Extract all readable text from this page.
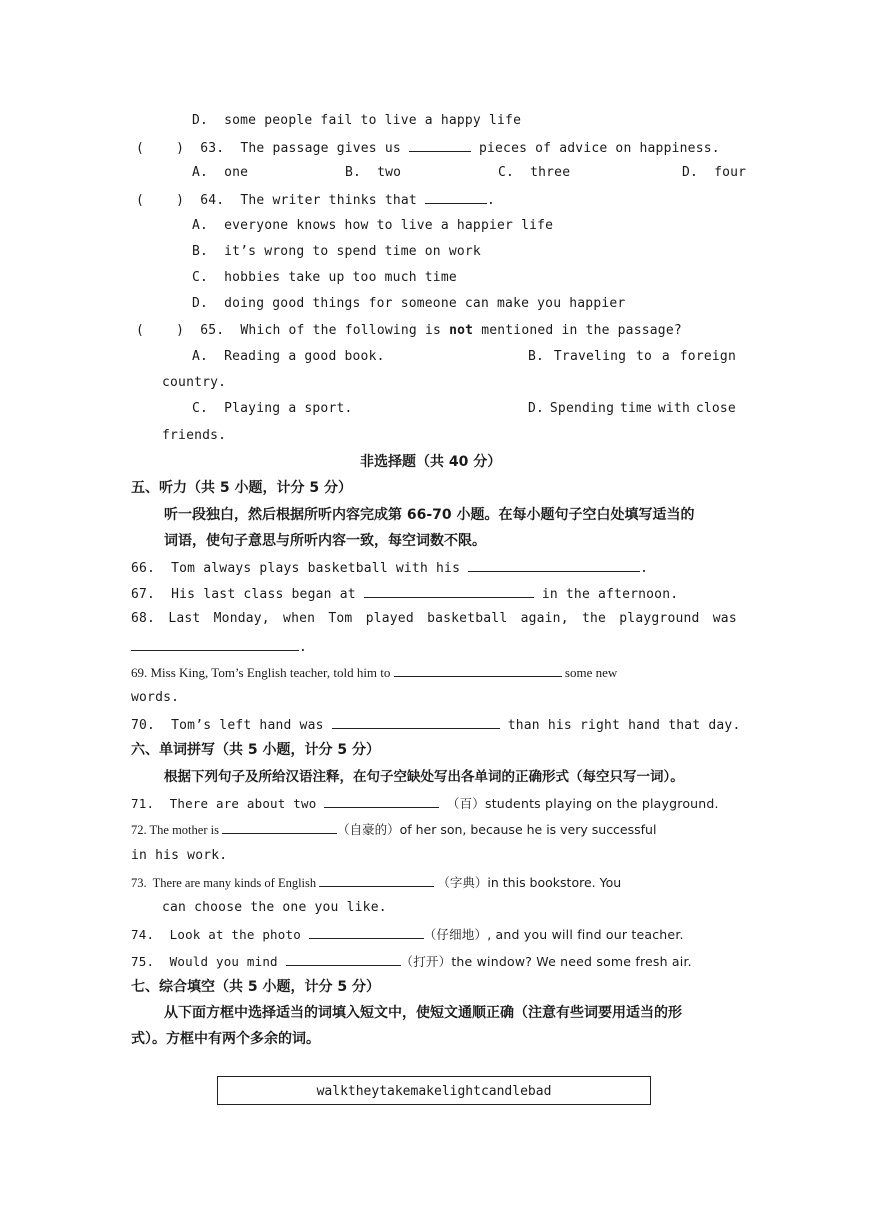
D.  some people fail to live a happy life
(    ) 63.  The passage gives us	pieces of advice on happiness.
A.  one	B.  two	C.  three	D.  four
(    ) 64.  The writer thinks that	.
A.  everyone knows how to live a happier life
B.  it’s wrong to spend time on work
C.  hobbies take up too much time
D.  doing good things for someone can make you happier
(    ) 65.  Which of the following is not mentioned in the passage?
A.  Reading a good book.	B. Traveling to a foreign
country.
C.  Playing a sport.	D. Spending time with close
friends.
非选择题（共 40 分）
五、听力（共 5 小题，计分 5 分）
听一段独白，然后根据所听内容完成第 66-70 小题。在每小题句子空白处填写适当的
词语，使句子意思与所听内容一致，每空词数不限。
66.  Tom always plays basketball with his	.
67.  His last class began at	in the afternoon.
68. Last Monday, when Tom played basketball again, the playground was
.
69. Miss King, Tom’s English teacher, told him to	some new
words.
70.  Tom’s left hand was	than his right hand that day.
六、单词拼写（共 5 小题，计分 5 分）
根据下列句子及所给汉语注释，在句子空缺处写出各单词的正确形式（每空只写一词）。
71.  There are about two	（百）students playing on the playground.
72. The mother is	（自豪的）of her son, because he is very successful
in his work.
73.  There are many kinds of English	（字典）in this bookstore. You
can choose the one you like.
74.  Look at the photo	（仔细地）, and you will find our teacher.
75.  Would you mind	（打开）the window? We need some fresh air.
七、综合填空（共 5 小题，计分 5 分）
从下面方框中选择适当的词填入短文中，使短文通顺正确（注意有些词要用适当的形
式）。方框中有两个多余的词。
walktheytakemakelightcandlebad
